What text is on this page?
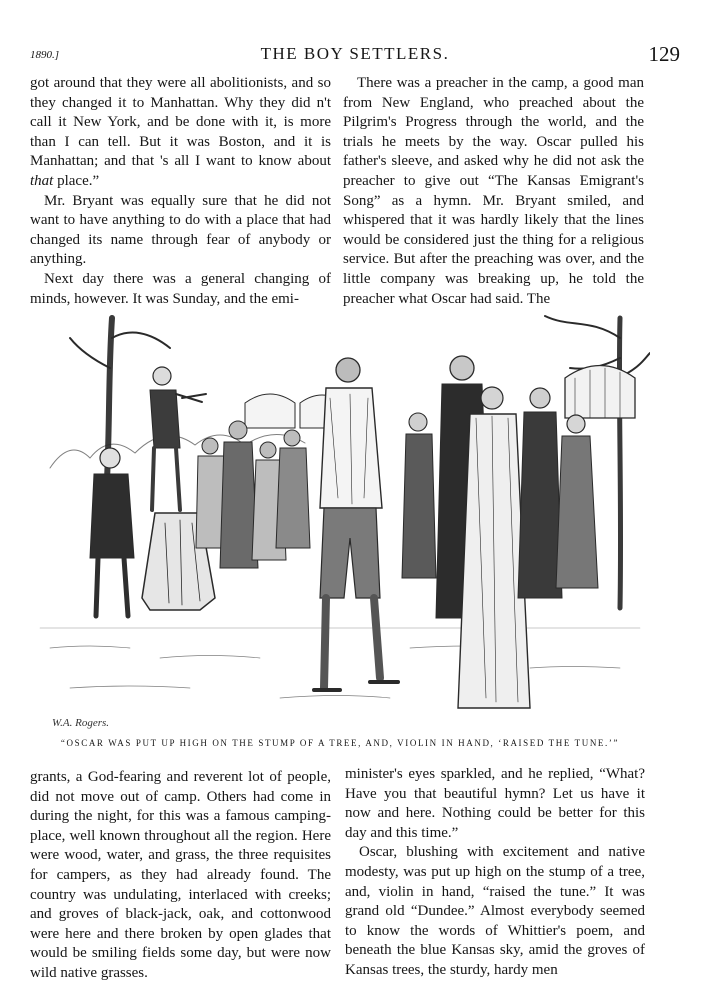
1890.]	THE BOY SETTLERS.	129

got around that they were all abolitionists, and so they changed it to Manhattan. Why they did n't call it New York, and be done with it, is more than I can tell. But it was Boston, and it is Manhattan; and that 's all I want to know about that place.”

Mr. Bryant was equally sure that he did not want to have anything to do with a place that had changed its name through fear of anybody or anything.

Next day there was a general changing of minds, however. It was Sunday, and the emi-

There was a preacher in the camp, a good man from New England, who preached about the Pilgrim's Progress through the world, and the trials he meets by the way. Oscar pulled his father's sleeve, and asked why he did not ask the preacher to give out “The Kansas Emigrant's Song” as a hymn. Mr. Bryant smiled, and whispered that it was hardly likely that the lines would be considered just the thing for a religious service. But after the preaching was over, and the little company was breaking up, he told the preacher what Oscar had said. The

W.A. Rogers.
“OSCAR WAS PUT UP HIGH ON THE STUMP OF A TREE, AND, VIOLIN IN HAND, ‘RAISED THE TUNE.’”

grants, a God-fearing and reverent lot of people, did not move out of camp. Others had come in during the night, for this was a famous camping-place, well known throughout all the region. Here were wood, water, and grass, the three requisites for campers, as they had already found. The country was undulating, interlaced with creeks; and groves of black-jack, oak, and cottonwood were here and there broken by open glades that would be smiling fields some day, but were now wild native grasses.

minister's eyes sparkled, and he replied, “What? Have you that beautiful hymn? Let us have it now and here. Nothing could be better for this day and this time.”

Oscar, blushing with excitement and native modesty, was put up high on the stump of a tree, and, violin in hand, “raised the tune.” It was grand old “Dundee.” Almost everybody seemed to know the words of Whittier's poem, and beneath the blue Kansas sky, amid the groves of Kansas trees, the sturdy, hardy men
